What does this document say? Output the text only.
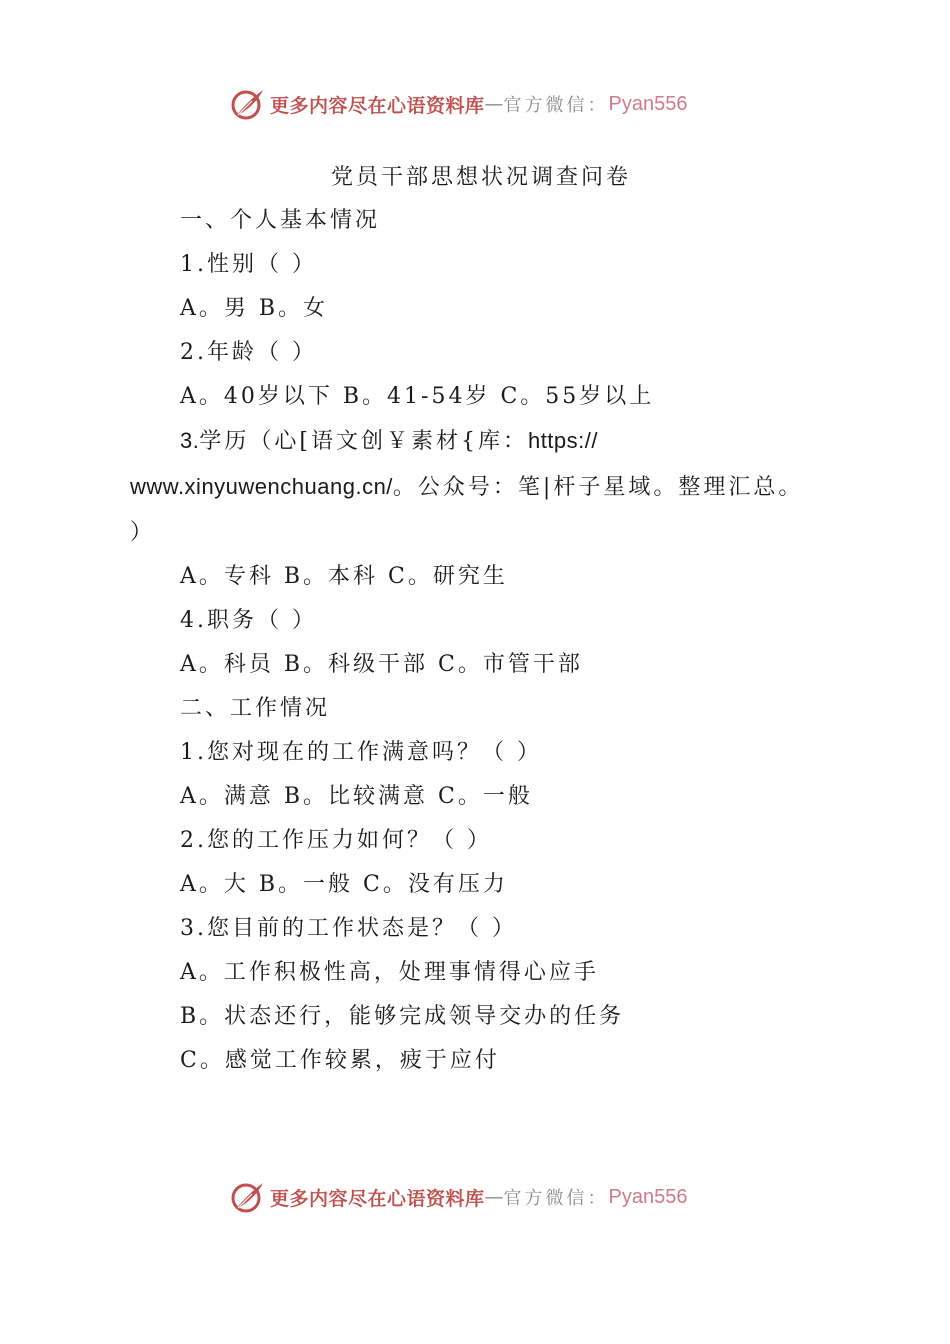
更多内容尽在心语资料库 — 官方微信： Pyan556
党员干部思想状况调查问卷
一、个人基本情况
1.性别（ ）
A。男 B。女
2.年龄（ ）
A。40岁以下 B。41-54岁 C。55岁以上
3.学历（心[语文创￥素材{库：https://
www.xinyuwenchuang.cn/。公众号：笔|杆子星域。整理汇总。
）
A。专科 B。本科 C。研究生
4.职务（ ）
A。科员 B。科级干部 C。市管干部
二、工作情况
1.您对现在的工作满意吗？（ ）
A。满意 B。比较满意 C。一般
2.您的工作压力如何？（ ）
A。大 B。一般 C。没有压力
3.您目前的工作状态是？（ ）
A。工作积极性高，处理事情得心应手
B。状态还行，能够完成领导交办的任务
C。感觉工作较累，疲于应付
更多内容尽在心语资料库 — 官方微信： Pyan556
